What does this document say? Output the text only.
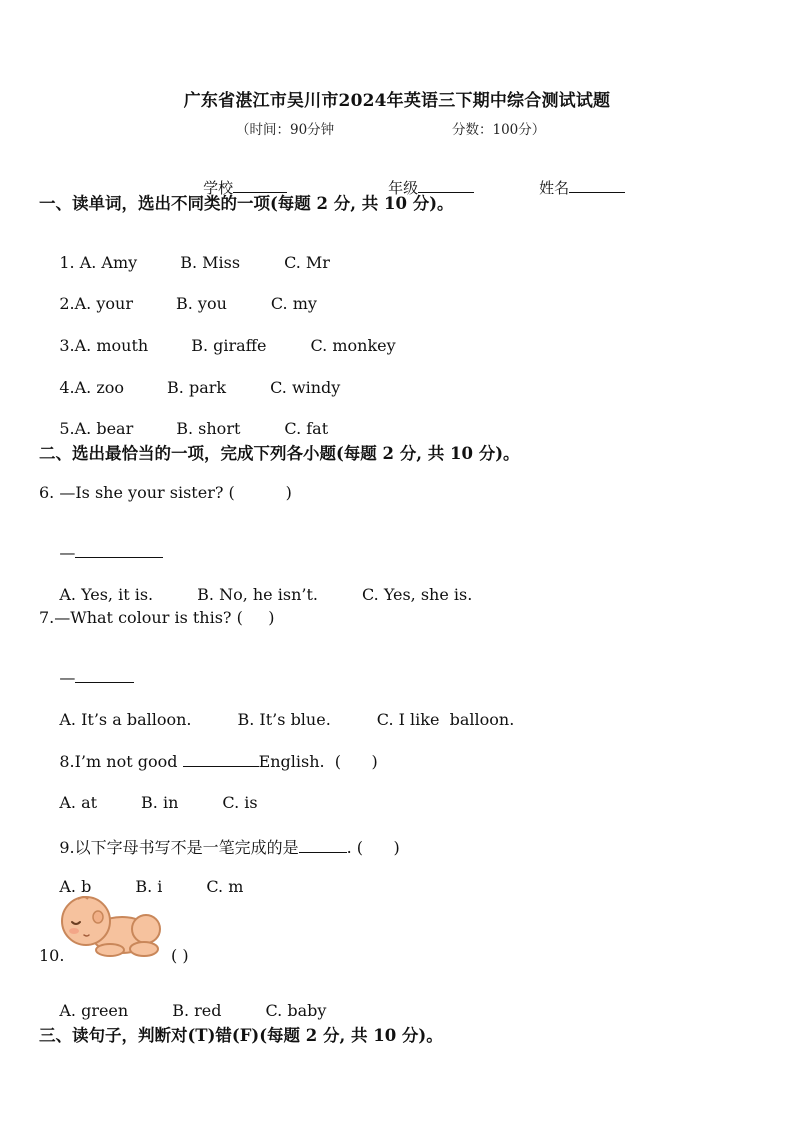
广东省湛江市吴川市2024年英语三下期中综合测试试题
（时间：90分钟	分数：100分）

学校
	年级
	姓名

一、读单词，选出不同类的一项(每题 2 分, 共 10 分)。

1. A. Amy	B. Miss	C. Mr

2.A. your	B. you	C. my

3.A. mouth	B. giraffe	C. monkey

4.A. zoo	B. park	C. windy

5.A. bear	B. short	C. fat

二、选出最恰当的一项，完成下列各小题(每题 2 分, 共 10 分)。
6. —Is she your sister? (          )

—

A. Yes, it is.	B. No, he isn’t.	C. Yes, she is.

7.—What colour is this? (     )

—

A. It’s a balloon.	B. It’s blue.	C. I like  balloon.

8.I’m not good	English.  (      )

A. at	B. in	C. is

9.以下字母书写不是一笔完成的是	. (      )

A. b	B. i	C. m

10.	( )

A. green	B. red	C. baby

三、读句子，判断对(T)错(F)(每题 2 分, 共 10 分)。
